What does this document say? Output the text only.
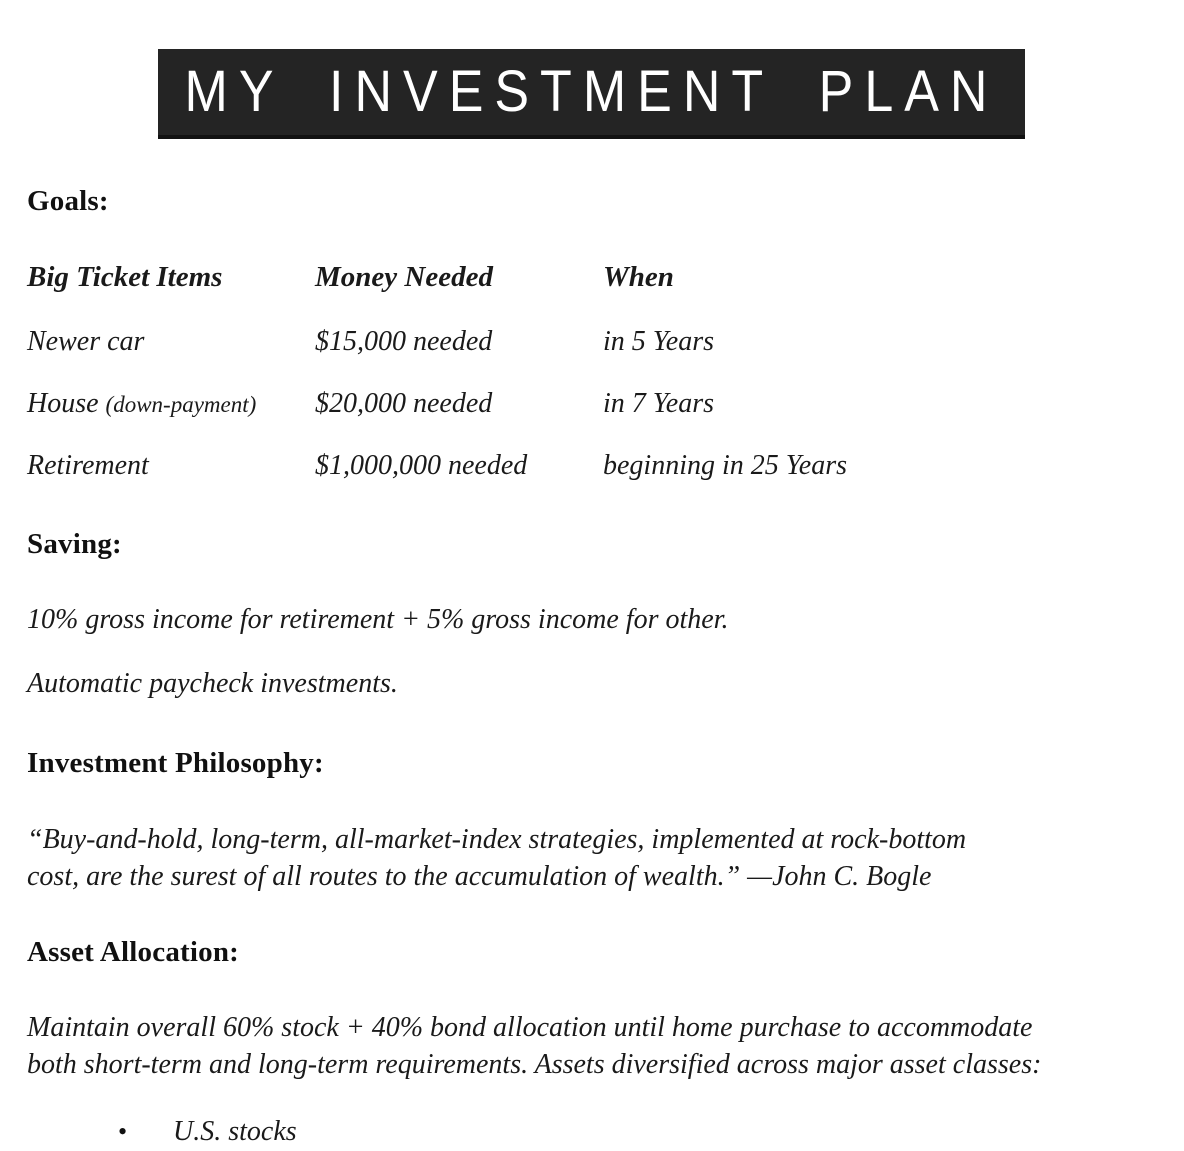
MY INVESTMENT PLAN
Goals:
Big Ticket Items	Money Needed	When
Newer car	$15,000 needed	in 5 Years
House (down-payment) $20,000 needed	in 7 Years
Retirement	$1,000,000 needed	beginning in 25 Years
Saving:
10% gross income for retirement + 5% gross income for other.
Automatic paycheck investments.
Investment Philosophy:
“Buy-and-hold, long-term, all-market-index strategies, implemented at rock-bottom
cost, are the surest of all routes to the accumulation of wealth.” —John C. Bogle
Asset Allocation:
Maintain overall 60% stock + 40% bond allocation until home purchase to accommodate
both short-term and long-term requirements. Assets diversified across major asset classes:
•	U.S. stocks
